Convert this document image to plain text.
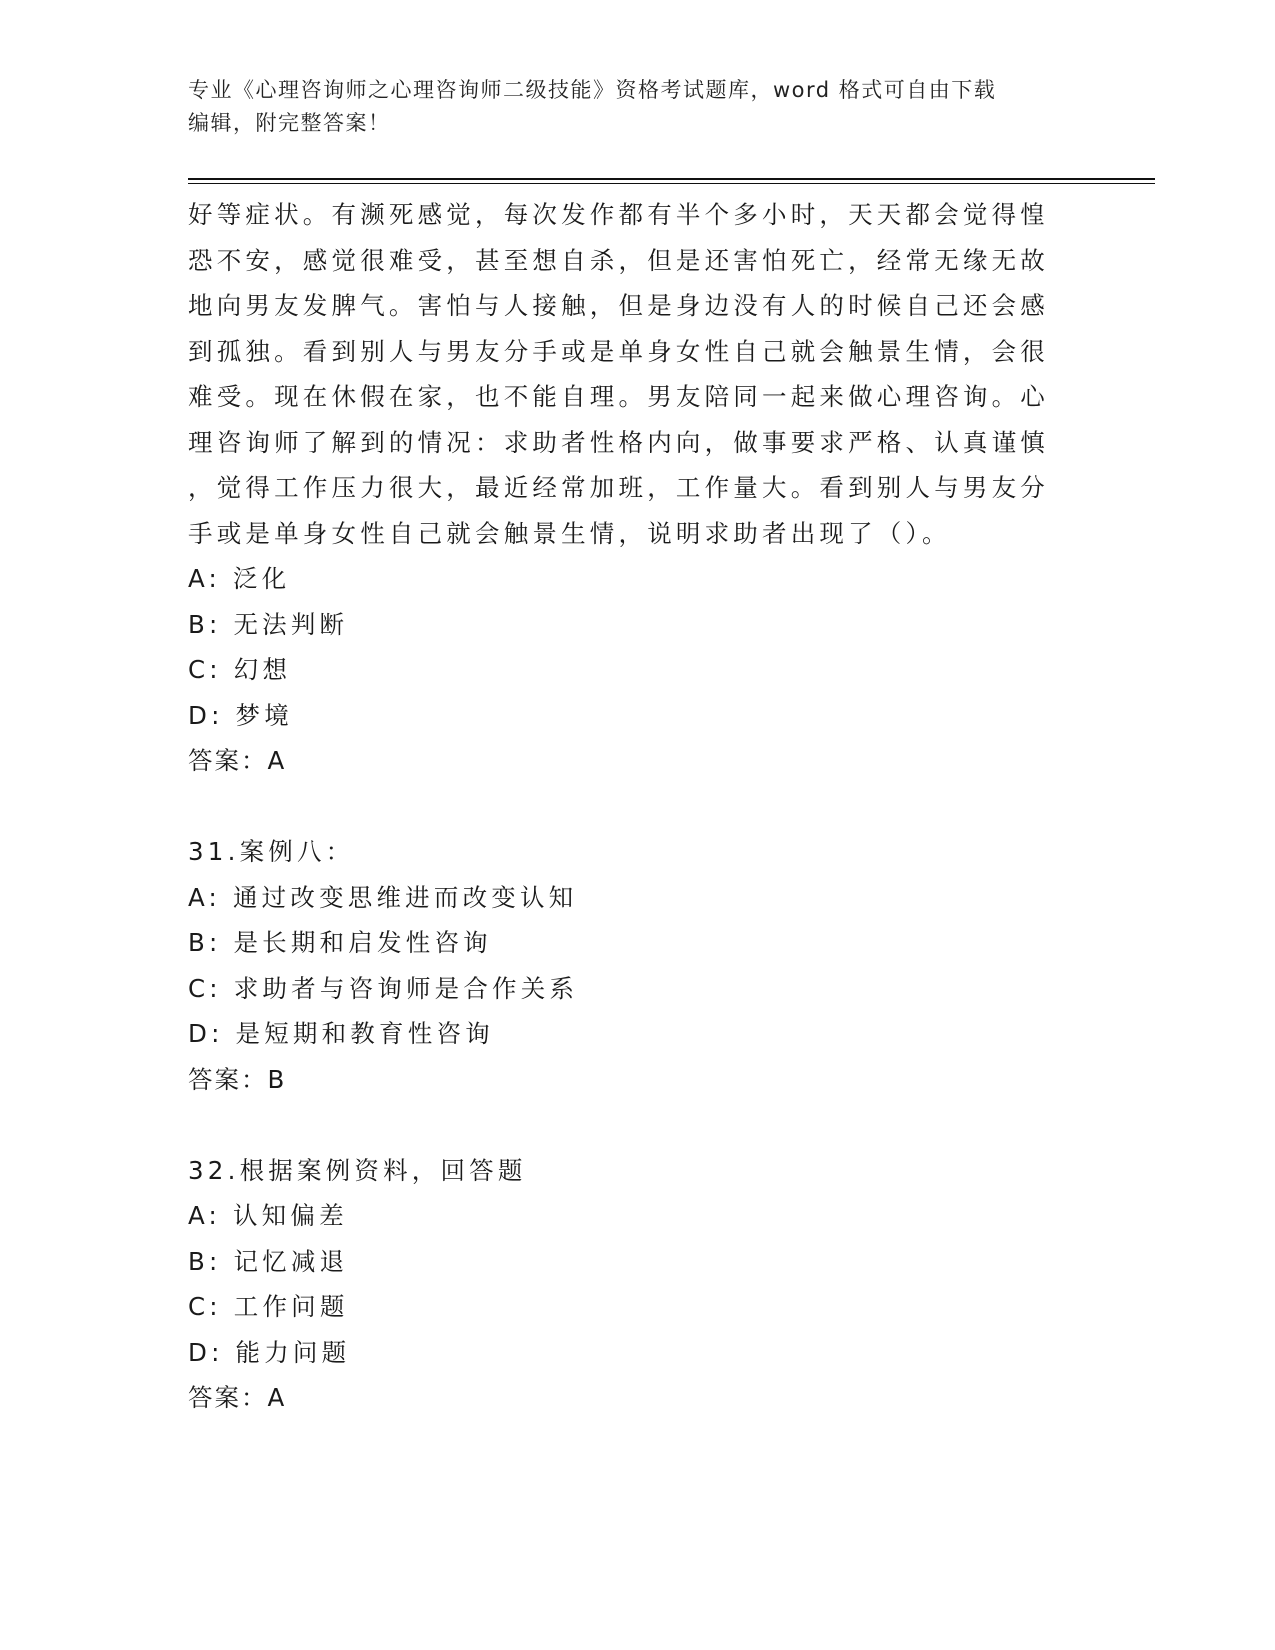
专业《心理咨询师之心理咨询师二级技能》资格考试题库，word 格式可自由下载
编辑，附完整答案！
好等症状。有濒死感觉，每次发作都有半个多小时，天天都会觉得惶
恐不安，感觉很难受，甚至想自杀，但是还害怕死亡，经常无缘无故
地向男友发脾气。害怕与人接触，但是身边没有人的时候自己还会感
到孤独。看到别人与男友分手或是单身女性自己就会触景生情，会很
难受。现在休假在家，也不能自理。男友陪同一起来做心理咨询。心
理咨询师了解到的情况：求助者性格内向，做事要求严格、认真谨慎
，觉得工作压力很大，最近经常加班，工作量大。看到别人与男友分
手或是单身女性自己就会触景生情，说明求助者出现了（）。
A: 泛化
B: 无法判断
C: 幻想
D: 梦境
答案：A
31.案例八：
A: 通过改变思维进而改变认知
B: 是长期和启发性咨询
C: 求助者与咨询师是合作关系
D: 是短期和教育性咨询
答案：B
32.根据案例资料，回答题
A: 认知偏差
B: 记忆减退
C: 工作问题
D: 能力问题
答案：A
